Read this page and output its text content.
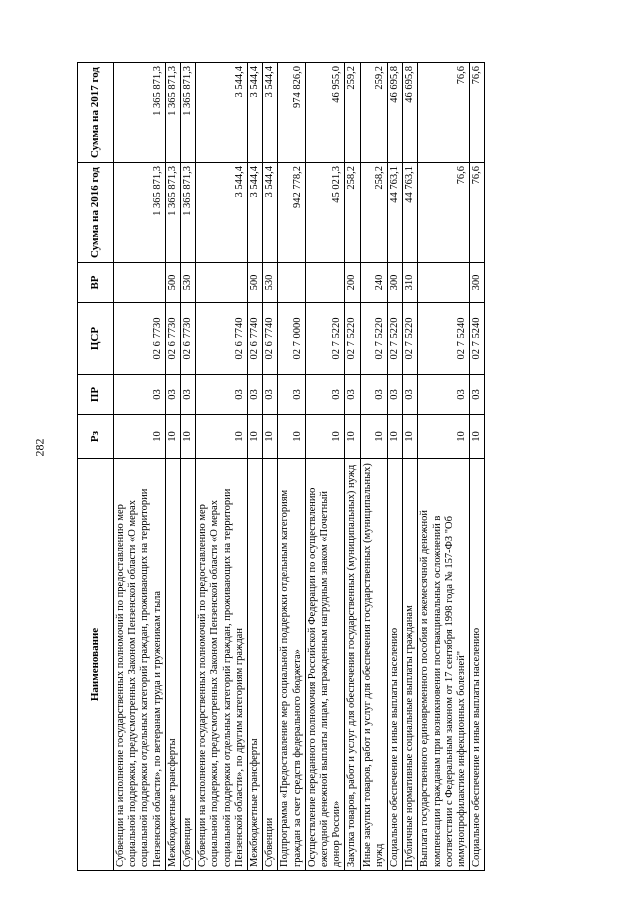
282
Наименование	Рз	ПР	ЦСР	ВР	Сумма на 2016 год	Сумма на 2017 год
Субвенции на исполнение государственных полномочий по предоставлению мер социальной поддержки, предусмотренных Законом Пензенской области «О мерах социальной поддержки отдельных категорий граждан, проживающих на территории Пензенской области», по ветеранам труда и труженикам тыла	10	03	02 6 7730		1 365 871,3	1 365 871,3
Межбюджетные трансферты	10	03	02 6 7730	500	1 365 871,3	1 365 871,3
Субвенции	10	03	02 6 7730	530	1 365 871,3	1 365 871,3
Субвенции на исполнение государственных полномочий по предоставлению мер социальной поддержки, предусмотренных Законом Пензенской области «О мерах социальной поддержки отдельных категорий граждан, проживающих на территории Пензенской области», по другим категориям граждан	10	03	02 6 7740		3 544,4	3 544,4
Межбюджетные трансферты	10	03	02 6 7740	500	3 544,4	3 544,4
Субвенции	10	03	02 6 7740	530	3 544,4	3 544,4
Подпрограмма «Предоставление мер социальной поддержки отдельным категориям граждан за счет средств федерального бюджета»	10	03	02 7 0000		942 778,2	974 826,0
Осуществление переданного полномочия Российской Федерации по осуществлению ежегодной денежной выплаты лицам, награжденным нагрудным знаком «Почетный донор России»	10	03	02 7 5220		45 021,3	46 955,0
Закупка товаров, работ и услуг для обеспечения государственных (муниципальных) нужд	10	03	02 7 5220	200	258,2	259,2
Иные закупки товаров, работ и услуг для обеспечения государственных (муниципальных) нужд	10	03	02 7 5220	240	258,2	259,2
Социальное обеспечение и иные выплаты населению	10	03	02 7 5220	300	44 763,1	46 695,8
Публичные нормативные социальные выплаты гражданам	10	03	02 7 5220	310	44 763,1	46 695,8
Выплата государственного единовременного пособия и ежемесячной денежной компенсации гражданам при возникновении поствакцинальных осложнений в соответствии с Федеральным законом от 17 сентября 1998 года № 157-ФЗ "Об иммунопрофилактике инфекционных болезней"	10	03	02 7 5240		76,6	76,6
Социальное обеспечение и иные выплаты населению	10	03	02 7 5240	300	76,6	76,6
